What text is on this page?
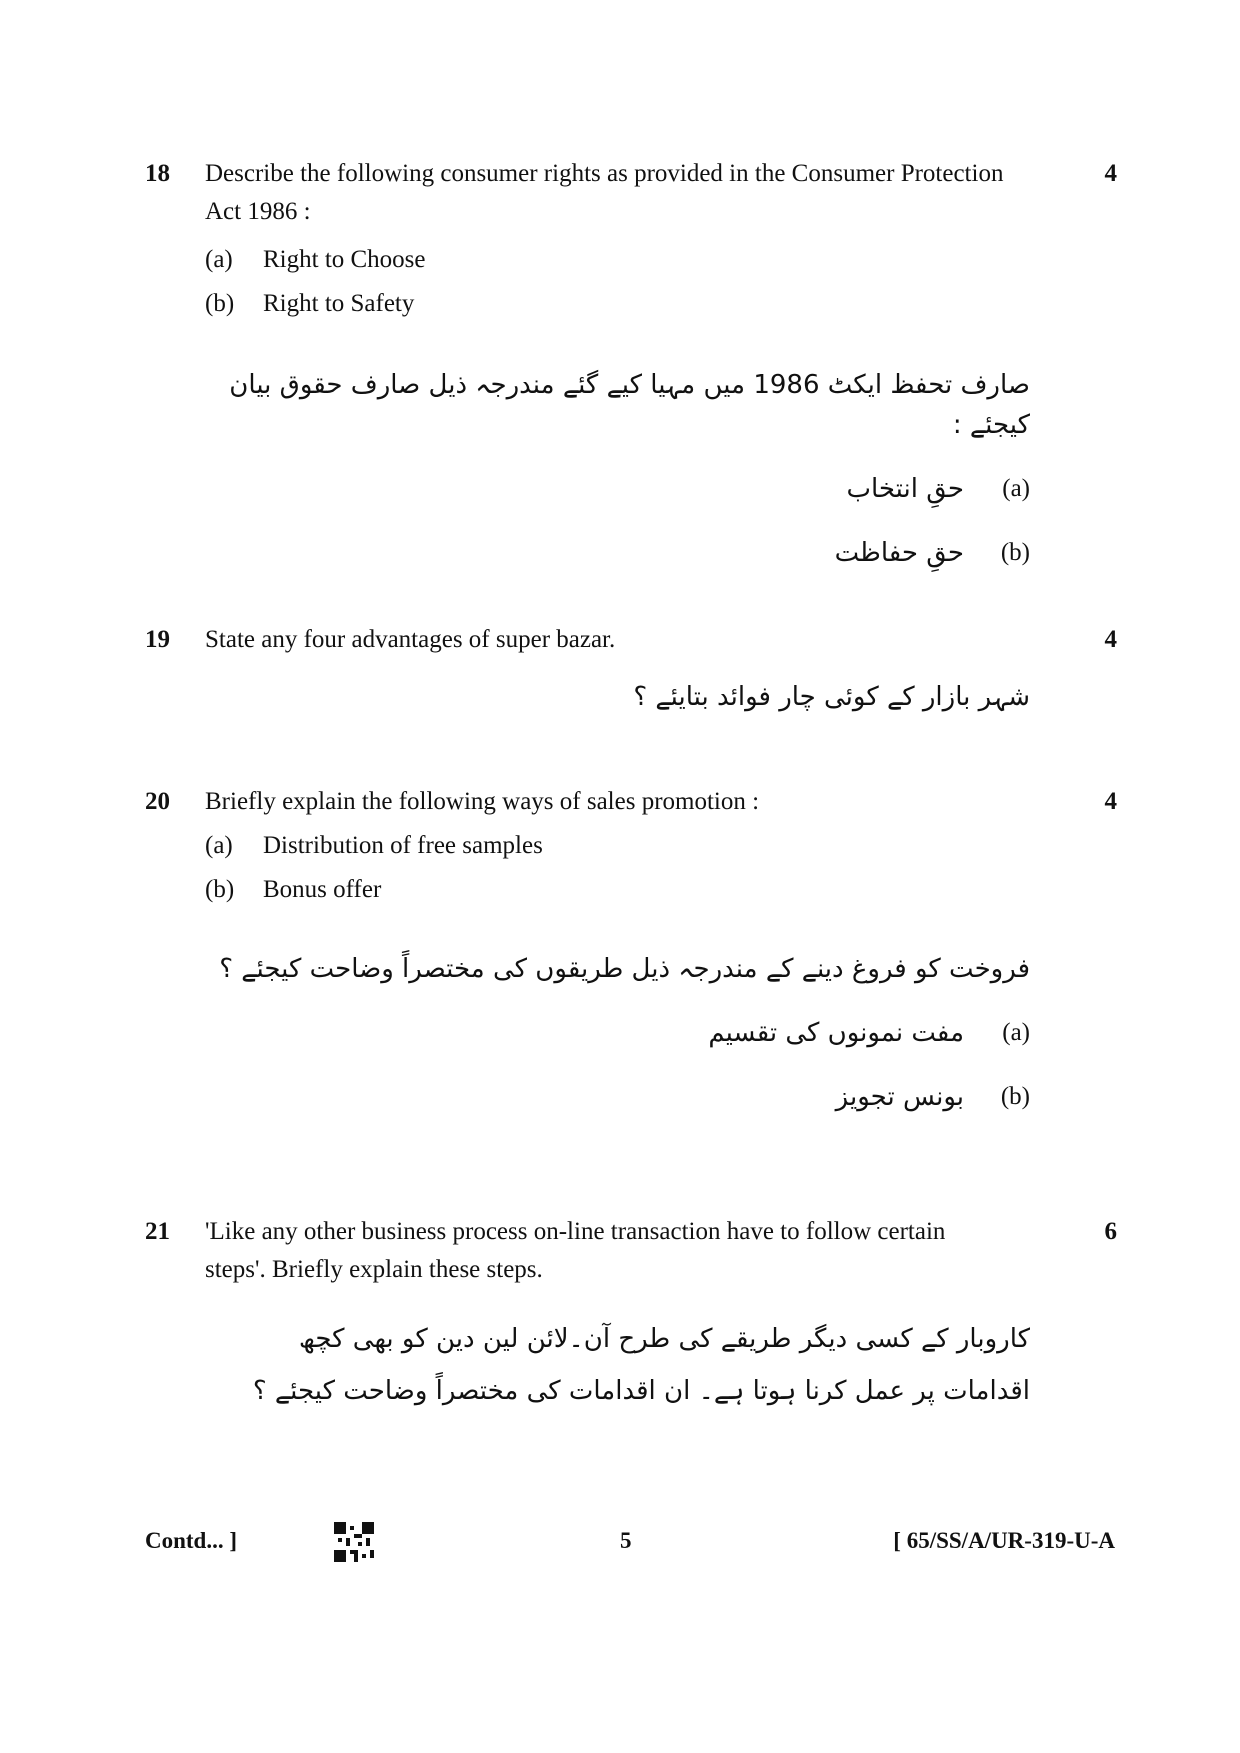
18	4
Describe the following consumer rights as provided in the Consumer Protection Act 1986 :
(a)	Right to Choose
(b)	Right to Safety
صارف تحفظ ایکٹ 1986 میں مہیا کیے گئے مندرجہ ذیل صارف حقوق بیان کیجئے :
(a)
حقِ انتخاب
(b)
حقِ حفاظت
19	4
State any four advantages of super bazar.
شہر بازار کے کوئی چار فوائد بتایئے ؟
20	4
Briefly explain the following ways of sales promotion :
(a)	Distribution of free samples
(b)	Bonus offer
فروخت کو فروغ دینے کے مندرجہ ذیل طریقوں کی مختصراً وضاحت کیجئے ؟
(a)
مفت نمونوں کی تقسیم
(b)
بونس تجویز
21	6
'Like any other business process on-line transaction have to follow certain steps'. Briefly explain these steps.
کاروبار کے کسی دیگر طریقے کی طرح آن۔لائن لین دین کو بھی کچھ اقدامات پر عمل کرنا ہوتا ہے۔ ان اقدامات کی مختصراً وضاحت کیجئے ؟
Contd... ]	5	[ 65/SS/A/UR-319-U-A
